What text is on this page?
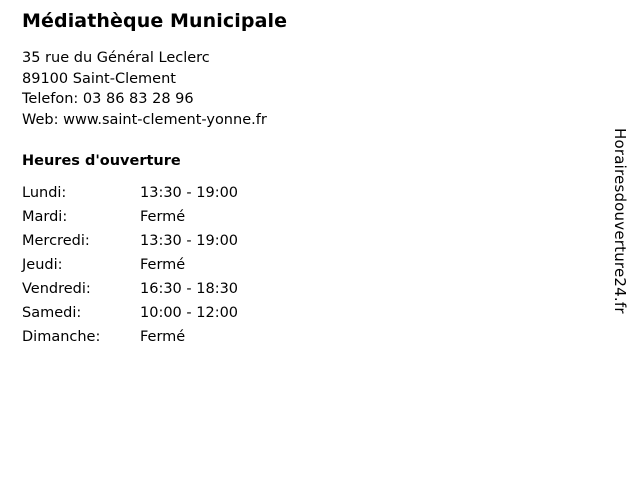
Médiathèque Municipale

35 rue du Général Leclerc

89100 Saint-Clement

Telefon: 03 86 83 28 96

Web: www.saint-clement-yonne.fr

Heures d'ouverture
Lundi:	13:30 - 19:00
Mardi:	Fermé
Mercredi:	13:30 - 19:00
Jeudi:	Fermé
Vendredi:	16:30 - 18:30
Samedi:	10:00 - 12:00
Dimanche:	Fermé
Horairesdouverture24.fr
